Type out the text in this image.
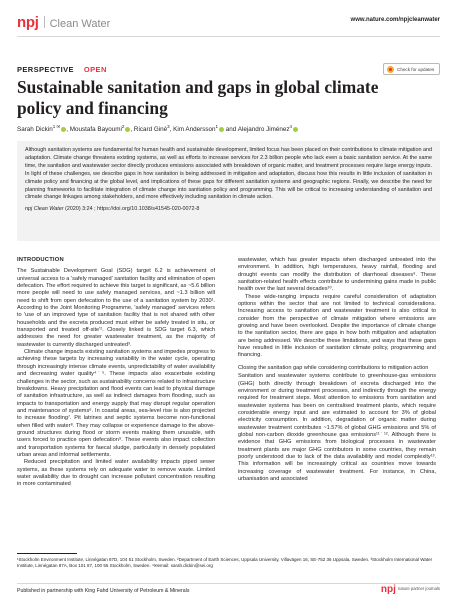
npj Clean Water	www.nature.com/npjcleanwater
PERSPECTIVE OPEN	Check for updates
Sustainable sanitation and gaps in global climate policy and financing
Sarah Dickin$^{1 ✉}$ , Moustafa Bayoumi$^2$ , Ricard Giné$^3$, Kim Andersson$^1$ and Alejandro Jiménez$^4$

Although sanitation systems are fundamental for human health and sustainable development, limited focus has been placed on their contributions to climate mitigation and adaptation. Climate change threatens existing systems, as well as efforts to increase services for 2.3 billion people who lack even a basic sanitation service. At the same time, the sanitation and wastewater sector directly produces emissions associated with breakdown of organic matter, and treatment processes require large energy inputs. In light of these challenges, we describe gaps in how sanitation is being addressed in mitigation and adaptation, discuss how this results in little inclusion of sanitation in climate policy and financing at the global level, and implications of these gaps for different sanitation systems and geographic regions. Finally, we describe the need for planning frameworks to facilitate integration of climate change into sanitation policy and programming. This will be critical to increasing understanding of sanitation and climate change linkages among stakeholders, and more effectively including sanitation in climate action.

npj Clean Water (2020) 3:24 ; https://doi.org/10.1038/s41545-020-0072-8

INTRODUCTION

The Sustainable Development Goal (SDG) target 6.2 is achievement of universal access to a 'safely managed' sanitation facility and elimination of open defecation. The effort required to achieve this target is significant, as ~5.6 billion more people will need to use safely managed services, and ~1.3 billion will need to shift from open defecation to the use of a sanitation system by 2030¹. According to the Joint Monitoring Programme, 'safely managed' services refers to 'use of an improved type of sanitation facility that is not shared with other households and the excreta produced must either be safely treated in situ, or transported and treated off-site'². Closely linked is SDG target 6.3, which addresses the need for greater wastewater treatment, as the majority of wastewater is currently discharged untreated³.

Climate change impacts existing sanitation systems and impedes progress to achieving these targets by increasing variability in the water cycle, operating through increasingly intense climate events, unpredictability of water availability and decreasing water quality⁴˙⁵. These impacts also exacerbate existing challenges in the sector, such as sustainability concerns related to infrastructure breakdowns. Heavy precipitation and flood events can lead to physical damage of sanitation infrastructure, as well as indirect damages from flooding, such as impacts to transportation and energy supply that may disrupt regular operation and maintenance of systems⁶. In coastal areas, sea-level rise is also projected to increase flooding⁷. Pit latrines and septic systems become non-functional when filled with water⁸. They may collapse or experience damage to the above-ground structures during flood or storm events making them unusable, with users forced to practice open defecation⁹. These events also impact collection and transportation systems for faecal sludge, particularly in densely populated urban areas and informal settlements.

Reduced precipitation and limited water availability impacts piped sewer systems, as these systems rely on adequate water to remove waste. Limited water availability due to drought can increase pollutant concentration resulting in more contaminated

wastewater, which has greater impacts when discharged untreated into the environment. In addition, high temperatures, heavy rainfall, flooding and drought events can modify the distribution of diarrhoeal diseases⁹. These sanitation-related health effects contribute to undermining gains made in public health over the last several decades¹⁰.

These wide-ranging impacts require careful consideration of adaptation options within the sector that are not limited to technical considerations. Increasing access to sanitation and wastewater treatment is also critical to consider from the perspective of climate mitigation where emissions are growing and have been overlooked. Despite the importance of climate change to the sanitation sector, there are gaps in how both mitigation and adaptation are being addressed. We describe these limitations, and ways that these gaps have resulted in little inclusion of sanitation climate policy, programming and financing.

Closing the sanitation gap while considering contributions to mitigation action

Sanitation and wastewater systems contribute to greenhouse-gas emissions (GHG) both directly through breakdown of excreta discharged into the environment or during treatment processes, and indirectly through the energy required for treatment steps. Most attention to emissions from sanitation and wastewater systems has been on centralised treatment plants, which require considerable energy input and are estimated to account for 3% of global electricity consumption. In addition, degradation of organic matter during wastewater treatment contributes ~1.57% of global GHG emissions and 5% of global non-carbon dioxide greenhouse gas emissions¹¹˙¹². Although there is evidence that GHG emissions from biological processes in wastewater treatment plants are major GHG contributors in some countries, they remain poorly understood due to lack of the data availability and model complexity¹³. This information will be increasingly critical as countries move towards increasing coverage of wastewater treatment. For instance, in China, urbanisation and associated

¹Stockholm Environment Institute, Linnégatan 87D, 104 51 Stockholm, Sweden. ²Department of Earth Sciences, Uppsala University, Villavägen 16, SE-752 36 Uppsala, Sweden. ³Stockholm International Water Institute, Linnégatan 87A, Box 101 87, 100 55 Stockholm, Sweden. ⁴✉email: sarah.dickin@sei.org
Published in partnership with King Fahd University of Petroleum & Minerals	npj nature partner journals
